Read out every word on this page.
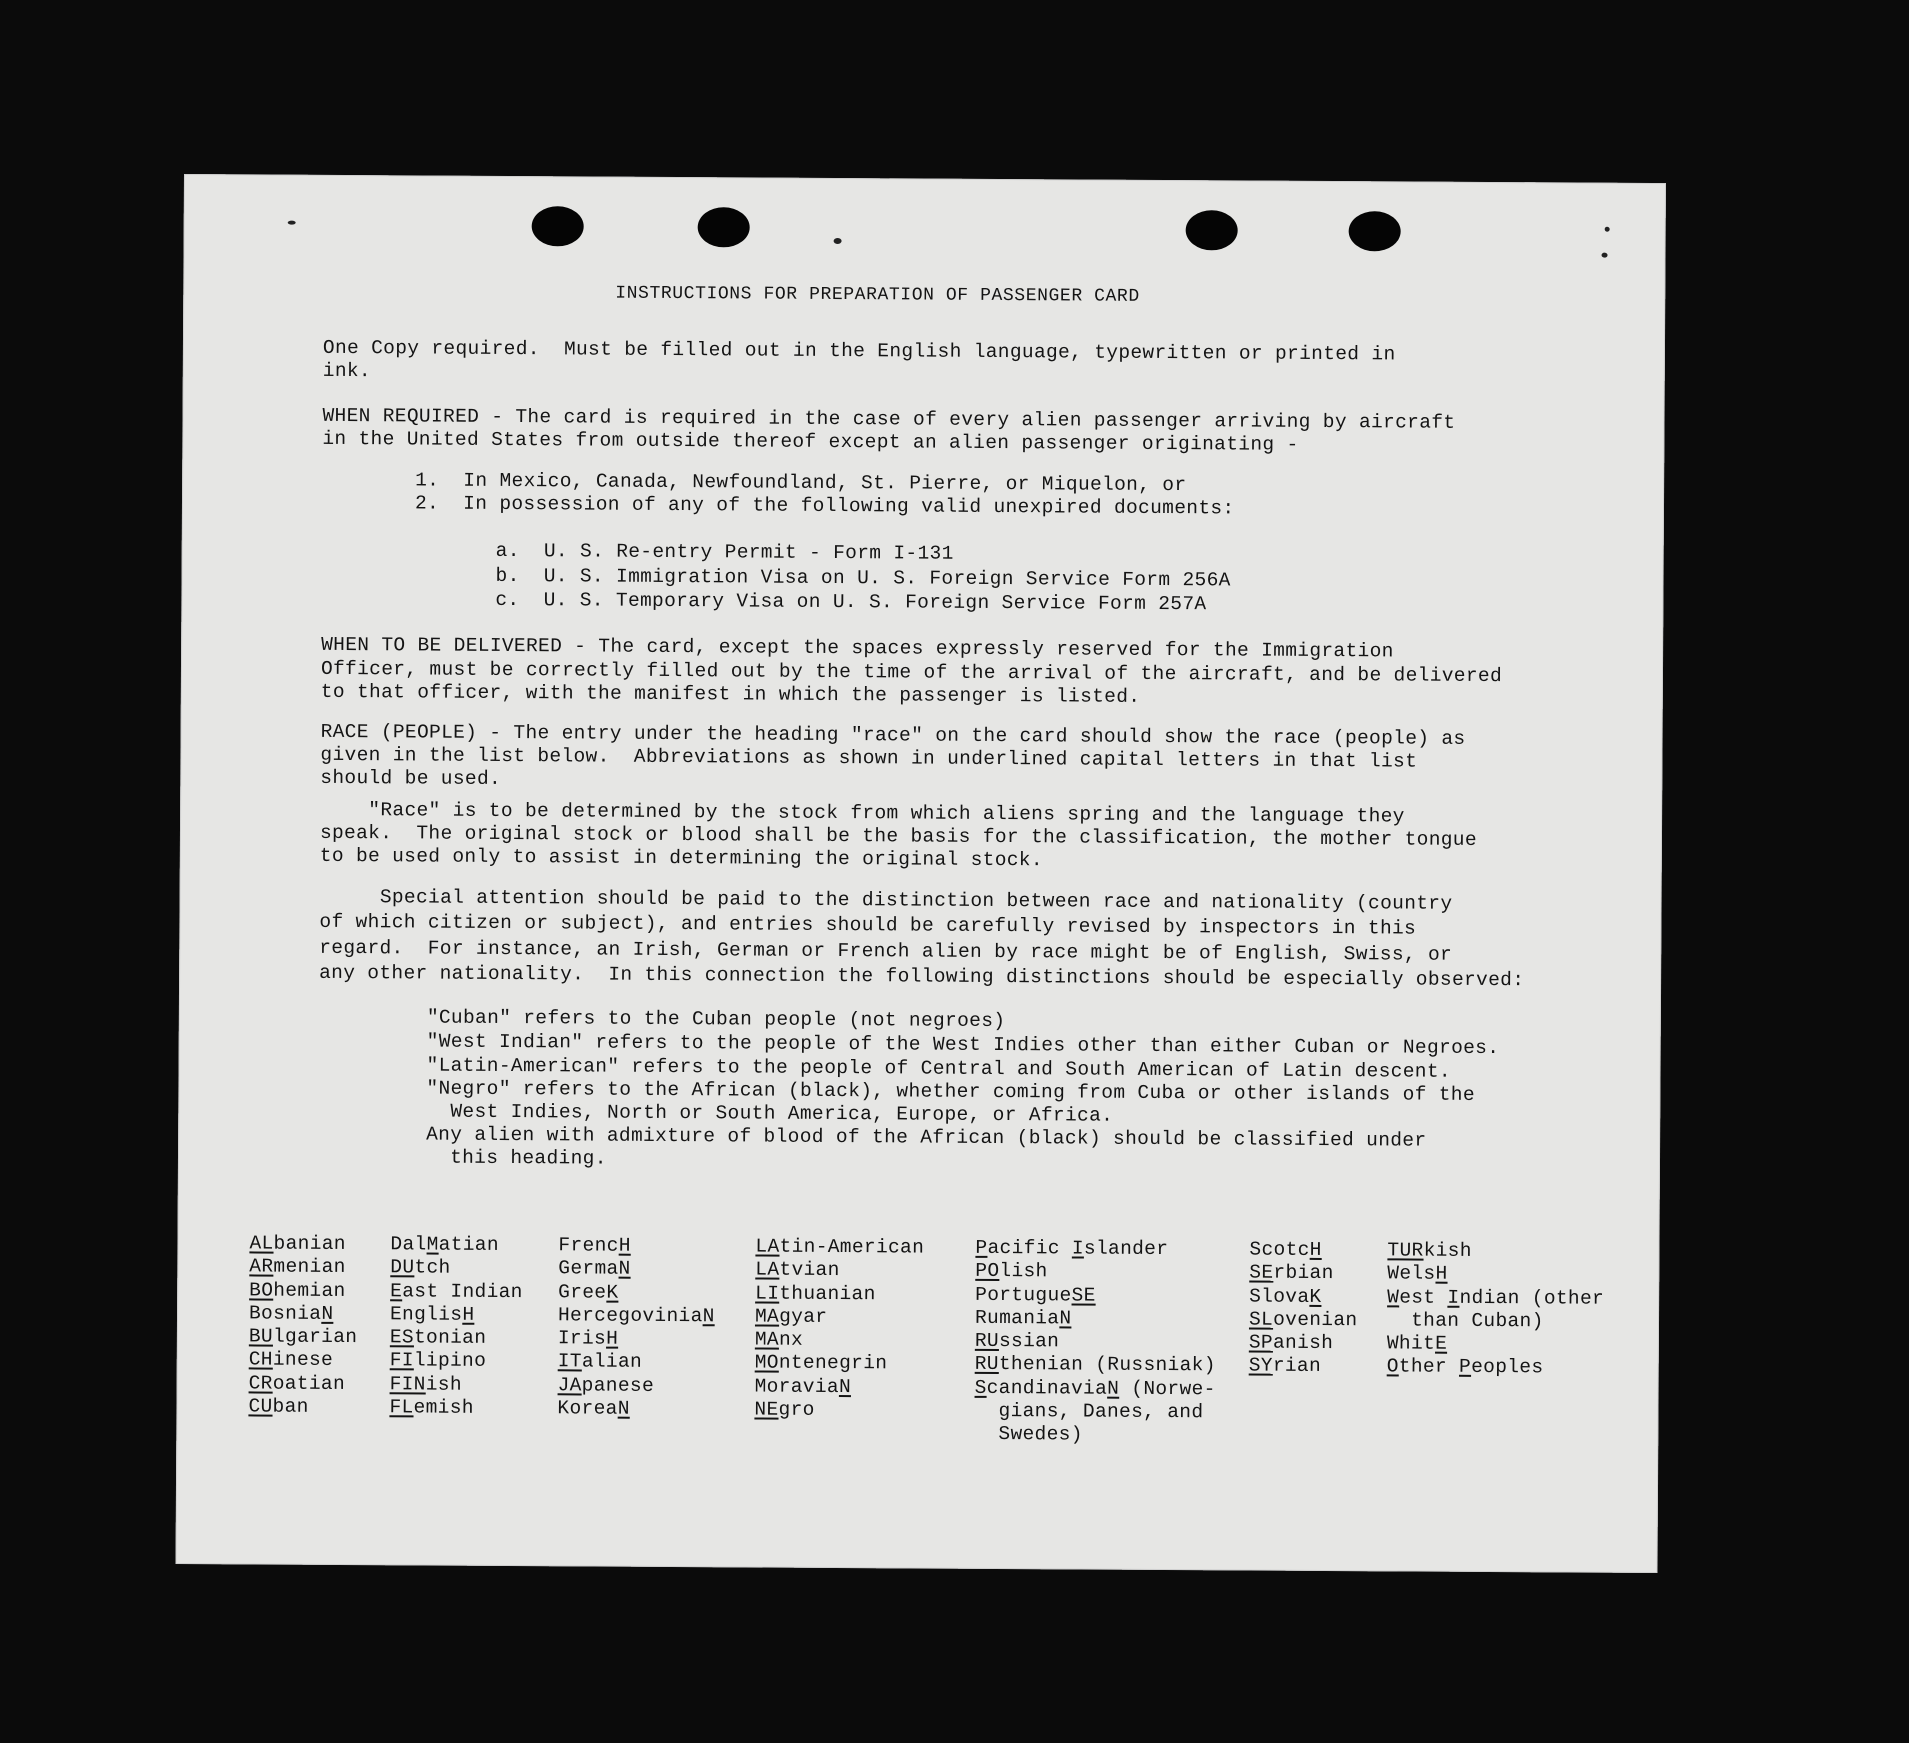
INSTRUCTIONS FOR PREPARATION OF PASSENGER CARD
One Copy required.  Must be filled out in the English language, typewritten or printed in
ink.
WHEN REQUIRED - The card is required in the case of every alien passenger arriving by aircraft
in the United States from outside thereof except an alien passenger originating -
1.  In Mexico, Canada, Newfoundland, St. Pierre, or Miquelon, or
2.  In possession of any of the following valid unexpired documents:
a.  U. S. Re-entry Permit - Form I-131
b.  U. S. Immigration Visa on U. S. Foreign Service Form 256A
c.  U. S. Temporary Visa on U. S. Foreign Service Form 257A
WHEN TO BE DELIVERED - The card, except the spaces expressly reserved for the Immigration
Officer, must be correctly filled out by the time of the arrival of the aircraft, and be delivered
to that officer, with the manifest in which the passenger is listed.
RACE (PEOPLE) - The entry under the heading "race" on the card should show the race (people) as
given in the list below.  Abbreviations as shown in underlined capital letters in that list
should be used.
"Race" is to be determined by the stock from which aliens spring and the language they
speak.  The original stock or blood shall be the basis for the classification, the mother tongue
to be used only to assist in determining the original stock.
Special attention should be paid to the distinction between race and nationality (country
of which citizen or subject), and entries should be carefully revised by inspectors in this
regard.  For instance, an Irish, German or French alien by race might be of English, Swiss, or
any other nationality.  In this connection the following distinctions should be especially observed:
"Cuban" refers to the Cuban people (not negroes)
"West Indian" refers to the people of the West Indies other than either Cuban or Negroes.
"Latin-American" refers to the people of Central and South American of Latin descent.
"Negro" refers to the African (black), whether coming from Cuba or other islands of the
West Indies, North or South America, Europe, or Africa.
Any alien with admixture of blood of the African (black) should be classified under
this heading.
ALbanian
ARmenian
BOhemian
BosniaN
BUlgarian
CHinese
CRoatian
CUban
DalMatian
DUtch
East Indian
EnglisH
EStonian
FIlipino
FINish
FLemish
FrencH
GermaN
GreeK
HercegoviniaN
IrisH
ITalian
JApanese
KoreaN
LAtin-American
LAtvian
LIthuanian
MAgyar
MAnx
MOntenegrin
MoraviaN
NEgro
Pacific Islander
POlish
PortugueSE
RumaniaN
RUssian
RUthenian (Russniak)
ScandinaviaN (Norwe-
gians, Danes, and
Swedes)
ScotcH
SErbian
SlovaK
SLovenian
SPanish
SYrian
TURkish
WelsH
West Indian (other
than Cuban)
WhitE
Other Peoples
